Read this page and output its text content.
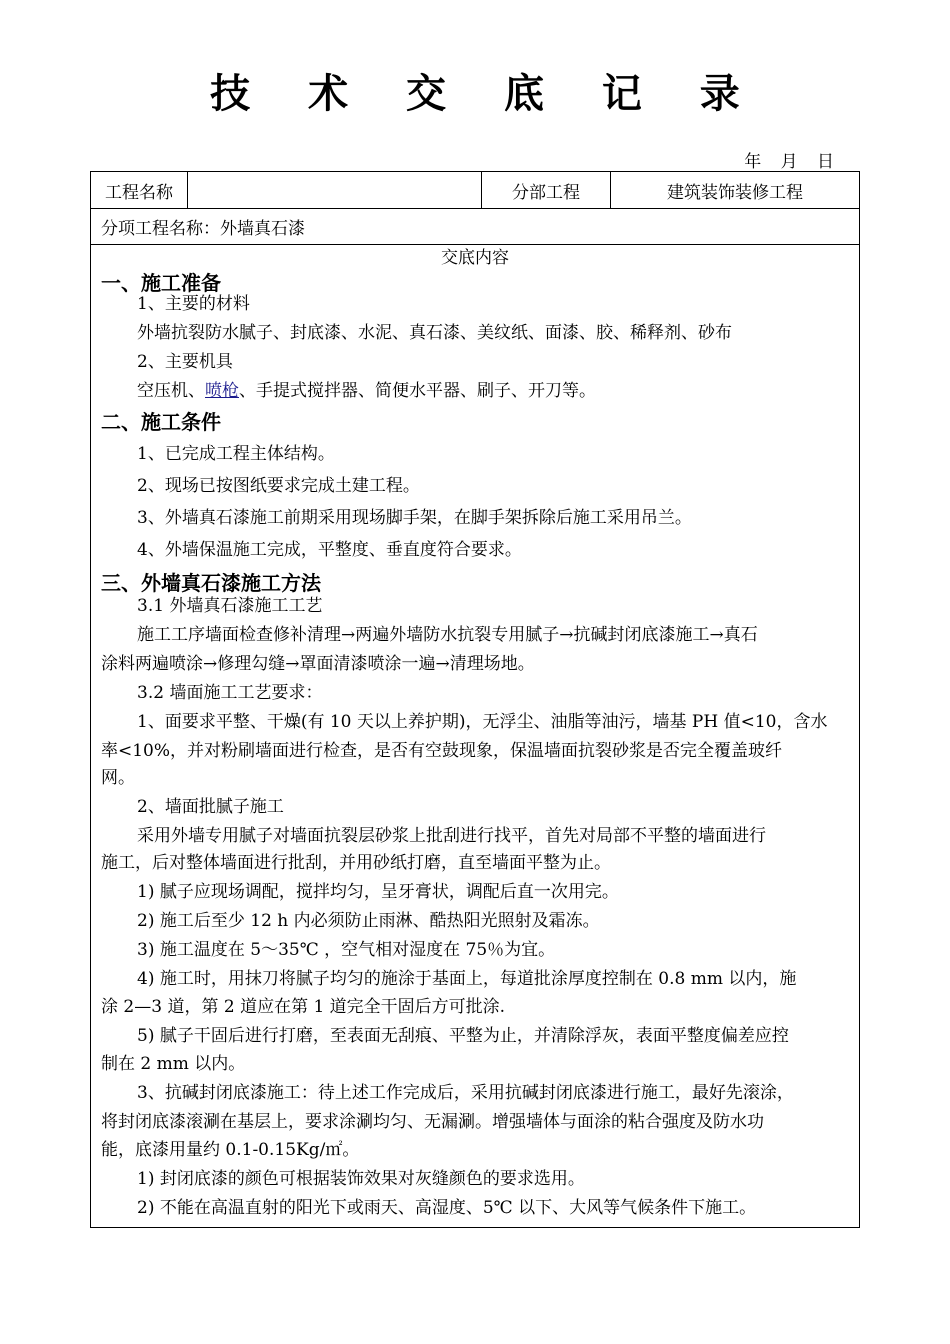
技 术 交 底 记 录
年 月 日
工程名称	分部工程	建筑装饰装修工程
分项工程名称：外墙真石漆
交底内容
一、施工准备
1、主要的材料
外墙抗裂防水腻子、封底漆、水泥、真石漆、美纹纸、面漆、胶、稀释剂、砂布
2、主要机具
空压机、喷枪、手提式搅拌器、简便水平器、刷子、开刀等。
二、施工条件
1、已完成工程主体结构。
2、现场已按图纸要求完成土建工程。
3、外墙真石漆施工前期采用现场脚手架，在脚手架拆除后施工采用吊兰。
4、外墙保温施工完成，平整度、垂直度符合要求。
三、外墙真石漆施工方法
3.1 外墙真石漆施工工艺
施工工序墙面检查修补清理→两遍外墙防水抗裂专用腻子→抗碱封闭底漆施工→真石
涂料两遍喷涂→修理勾缝→罩面清漆喷涂一遍→清理场地。
3.2 墙面施工工艺要求：
1、面要求平整、干燥(有 10 天以上养护期)，无浮尘、油脂等油污，墙基 PH 值<10，含水
率<10%，并对粉刷墙面进行检查，是否有空鼓现象，保温墙面抗裂砂浆是否完全覆盖玻纤
网。
2、墙面批腻子施工
采用外墙专用腻子对墙面抗裂层砂浆上批刮进行找平，首先对局部不平整的墙面进行
施工，后对整体墙面进行批刮，并用砂纸打磨，直至墙面平整为止。
1) 腻子应现场调配，搅拌均匀，呈牙膏状，调配后直一次用完。
2) 施工后至少 12 h 内必须防止雨淋、酷热阳光照射及霜冻。
3) 施工温度在 5～35℃ ，空气相对湿度在 75％为宜。
4) 施工时，用抹刀将腻子均匀的施涂于基面上，每道批涂厚度控制在 0.8 mm 以内，施
涂 2—3 道，第 2 道应在第 1 道完全干固后方可批涂.
5) 腻子干固后进行打磨，至表面无刮痕、平整为止，并清除浮灰，表面平整度偏差应控
制在 2 mm 以内。
3、抗碱封闭底漆施工：待上述工作完成后，采用抗碱封闭底漆进行施工，最好先滚涂，
将封闭底漆滚涮在基层上，要求涂涮均匀、无漏涮。增强墙体与面涂的粘合强度及防水功
能，底漆用量约 0.1-0.15Kg/㎡。
1) 封闭底漆的颜色可根据装饰效果对灰缝颜色的要求选用。
2) 不能在高温直射的阳光下或雨天、高湿度、5℃ 以下、大风等气候条件下施工。
